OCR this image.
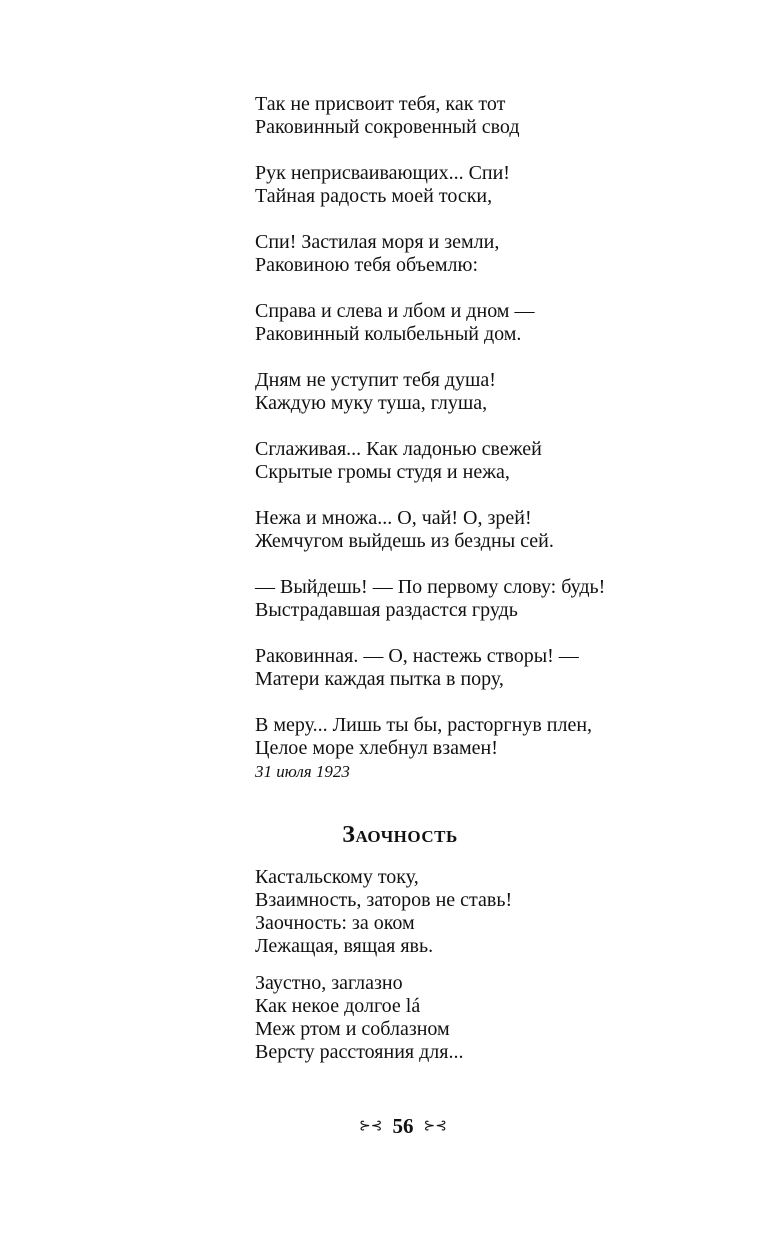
Так не присвоит тебя, как тот

Раковинный сокровенный свод

Рук неприсваивающих... Спи!

Тайная радость моей тоски,

Спи! Застилая моря и земли,

Раковиною тебя объемлю:

Справа и слева и лбом и дном —

Раковинный колыбельный дом.

Дням не уступит тебя душа!

Каждую муку туша, глуша,

Сглаживая... Как ладонью свежей

Скрытые громы студя и нежа,

Нежа и множа... О, чай! О, зрей!

Жемчугом выйдешь из бездны сей.

— Выйдешь! — По первому слову: будь!

Выстрадавшая раздастся грудь

Раковинная. — О, настежь створы! —

Матери каждая пытка в пору,

В меру... Лишь ты бы, расторгнув плен,

Целое море хлебнул взамен!

31 июля 1923

Заочность

Кастальскому току,

Взаимность, заторов не ставь!

Заочность: за оком

Лежащая, вящая явь.

Заустно, заглазно

Как некое долгое lá

Меж ртом и соблазном

Версту расстояния для...

⊱⊰ 56 ⊱⊰
